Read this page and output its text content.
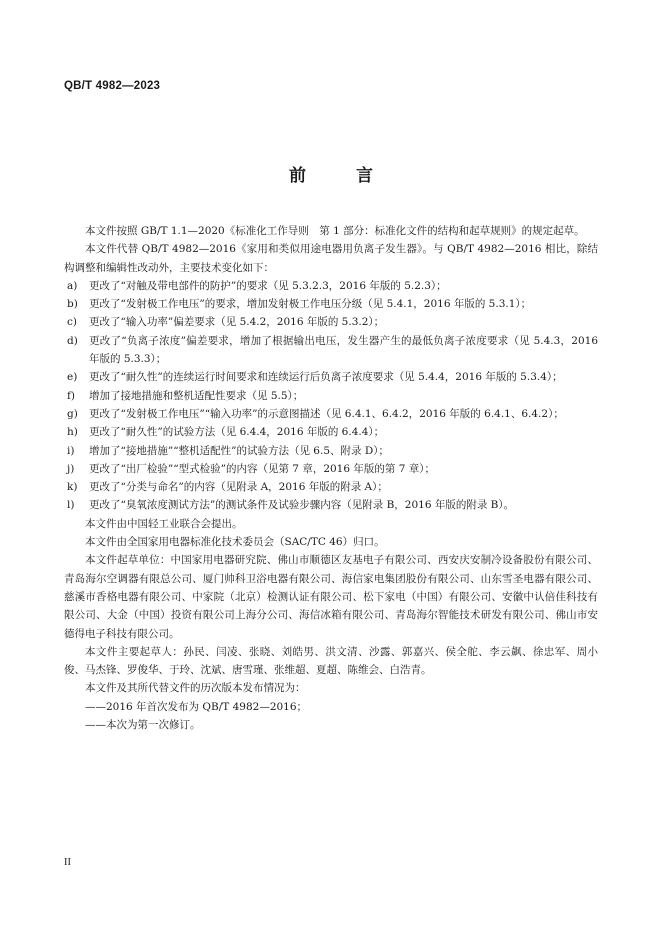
QB/T 4982—2023
前 言

本文件按照 GB/T 1.1—2020《标准化工作导则　第 1 部分：标准化文件的结构和起草规则》的规定起草。

本文件代替 QB/T 4982—2016《家用和类似用途电器用负离子发生器》。与 QB/T 4982—2016 相比，除结构调整和编辑性改动外，主要技术变化如下：

a)	更改了“对触及带电部件的防护”的要求（见 5.3.2.3，2016 年版的 5.2.3）；
b)	更改了“发射极工作电压”的要求，增加发射极工作电压分级（见 5.4.1，2016 年版的 5.3.1）；
c)	更改了“输入功率”偏差要求（见 5.4.2，2016 年版的 5.3.2）；
d)	更改了“负离子浓度”偏差要求，增加了根据输出电压，发生器产生的最低负离子浓度要求（见 5.4.3，2016 年版的 5.3.3）；
e)	更改了“耐久性”的连续运行时间要求和连续运行后负离子浓度要求（见 5.4.4，2016 年版的 5.3.4）；
f)	增加了接地措施和整机适配性要求（见 5.5）；
g)	更改了“发射极工作电压”“输入功率”的示意图描述（见 6.4.1、6.4.2，2016 年版的 6.4.1、6.4.2）；
h)	更改了“耐久性”的试验方法（见 6.4.4，2016 年版的 6.4.4）；
i)	增加了“接地措施”“整机适配性”的试验方法（见 6.5、附录 D）；
j)	更改了“出厂检验”“型式检验”的内容（见第 7 章，2016 年版的第 7 章）；
k)	更改了“分类与命名”的内容（见附录 A，2016 年版的附录 A）；
l)	更改了“臭氧浓度测试方法”的测试条件及试验步骤内容（见附录 B，2016 年版的附录 B）。

本文件由中国轻工业联合会提出。

本文件由全国家用电器标准化技术委员会（SAC/TC 46）归口。

本文件起草单位：中国家用电器研究院、佛山市顺德区友基电子有限公司、西安庆安制冷设备股份有限公司、青岛海尔空调器有限总公司、厦门帅科卫浴电器有限公司、海信家电集团股份有限公司、山东雪圣电器有限公司、慈溪市香格电器有限公司、中家院（北京）检测认证有限公司、松下家电（中国）有限公司、安徽中认倍佳科技有限公司、大金（中国）投资有限公司上海分公司、海信冰箱有限公司、青岛海尔智能技术研发有限公司、佛山市安德得电子科技有限公司。

本文件主要起草人：孙民、闫凌、张晓、刘皓男、洪文清、沙露、郭嘉兴、侯全舵、李云飙、徐忠军、周小俊、马杰锋、罗俊华、于玲、沈斌、唐雪瑾、张维超、夏超、陈维会、白浩青。

本文件及其所代替文件的历次版本发布情况为：

——2016 年首次发布为 QB/T 4982—2016；

——本次为第一次修订。

II
